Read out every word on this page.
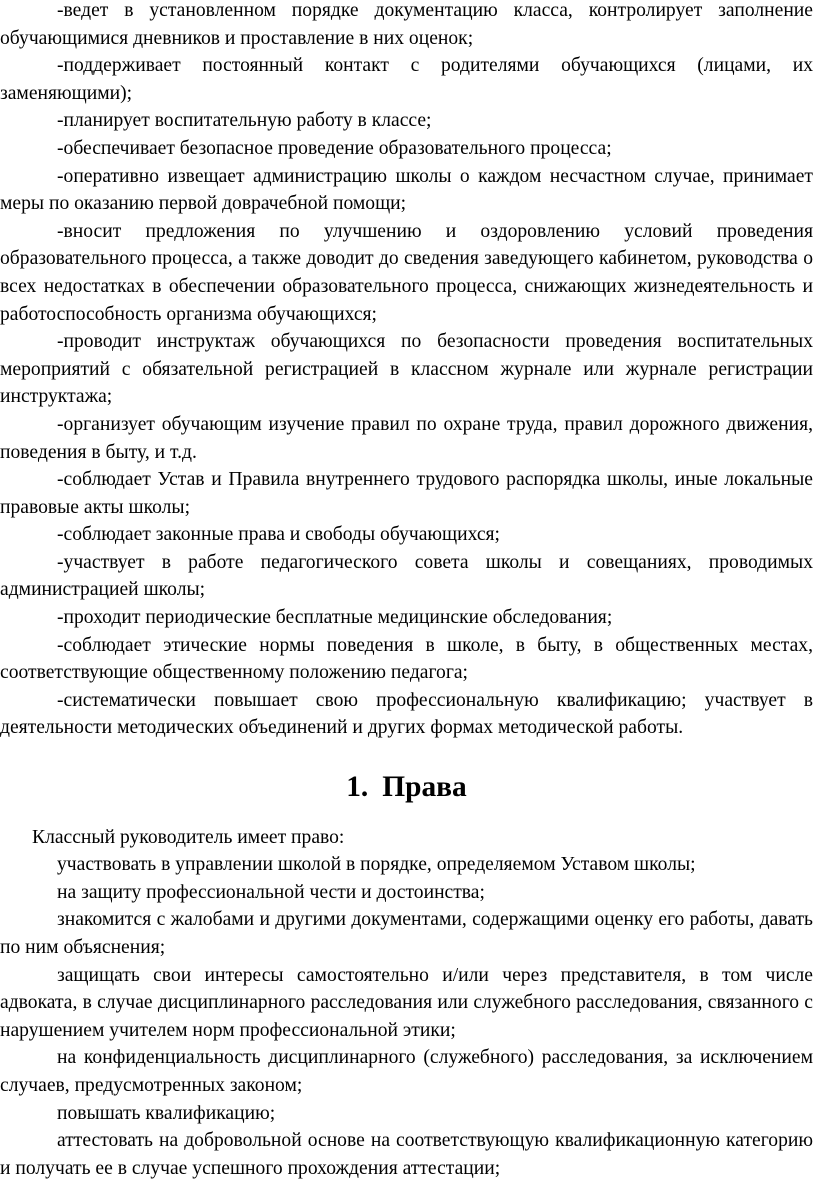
-ведет в установленном порядке документацию класса, контролирует заполнение обучающимися дневников и проставление в них оценок;

-поддерживает постоянный контакт с родителями обучающихся (лицами, их заменяющими);

-планирует воспитательную работу в классе;

-обеспечивает безопасное проведение образовательного процесса;

-оперативно извещает администрацию школы о каждом несчастном случае, принимает меры по оказанию первой доврачебной помощи;

-вносит предложения по улучшению и оздоровлению условий проведения образовательного процесса, а также доводит до сведения заведующего кабинетом, руководства о всех недостатках в обеспечении образовательного процесса, снижающих жизнедеятельность и работоспособность организма обучающихся;

-проводит инструктаж обучающихся по безопасности проведения воспитательных мероприятий с обязательной регистрацией в классном журнале или журнале регистрации инструктажа;

-организует обучающим изучение правил по охране труда, правил дорожного движения, поведения в быту, и т.д.

-соблюдает Устав и Правила внутреннего трудового распорядка школы, иные локальные правовые акты школы;

-соблюдает законные права и свободы обучающихся;

-участвует в работе педагогического совета школы и совещаниях, проводимых администрацией школы;

-проходит периодические бесплатные медицинские обследования;

-соблюдает этические нормы поведения в школе, в быту, в общественных местах, соответствующие общественному положению педагога;

-систематически повышает свою профессиональную квалификацию; участвует в деятельности методических объединений и других формах методической работы.

1. Права

Классный руководитель имеет право:

участвовать в управлении школой в порядке, определяемом Уставом школы;

на защиту профессиональной чести и достоинства;

знакомится с жалобами и другими документами, содержащими оценку его работы, давать по ним объяснения;

защищать свои интересы самостоятельно и/или через представителя, в том числе адвоката, в случае дисциплинарного расследования или служебного расследования, связанного с нарушением учителем норм профессиональной этики;

на конфиденциальность дисциплинарного (служебного) расследования, за исключением случаев, предусмотренных законом;

повышать квалификацию;

аттестовать на добровольной основе на соответствующую квалификационную категорию и получать ее в случае успешного прохождения аттестации;
